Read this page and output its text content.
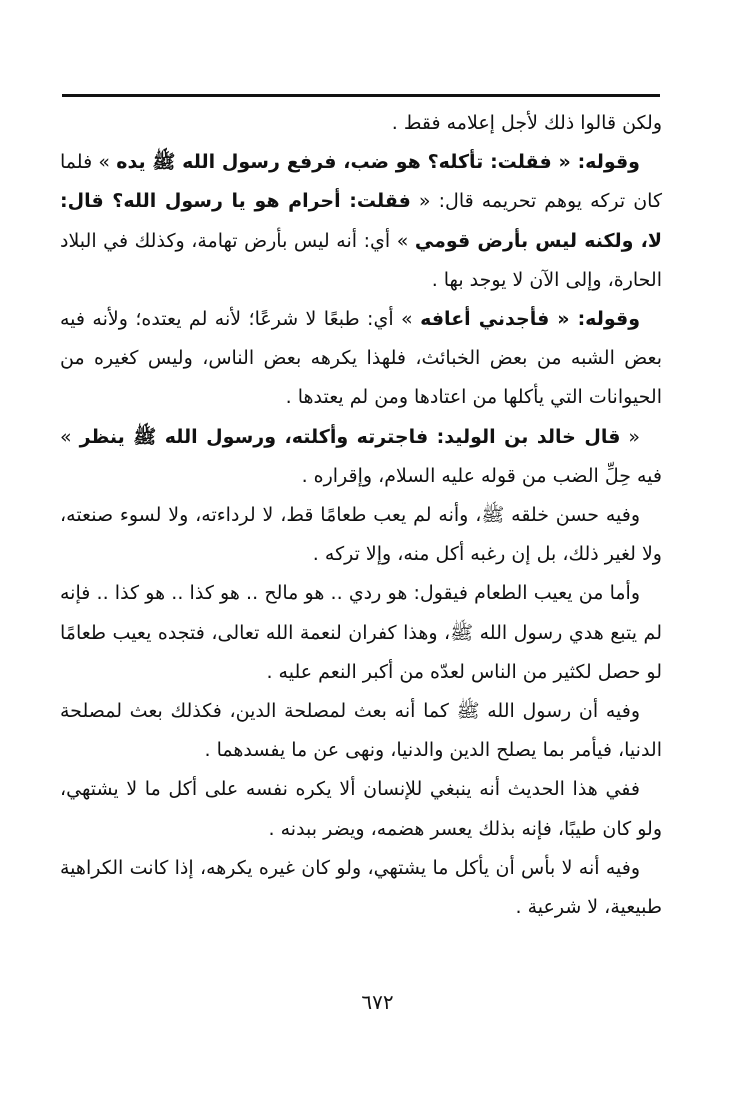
ولكن قالوا ذلك لأجل إعلامه فقط .

وقوله: « فقلت: تأكله؟ هو ضب، فرفع رسول الله ﷺ يده » فلما كان تركه يوهم تحريمه قال: « فقلت: أحرام هو يا رسول الله؟ قال: لا، ولكنه ليس بأرض قومي » أي: أنه ليس بأرض تهامة، وكذلك في البلاد الحارة، وإلى الآن لا يوجد بها .

وقوله: « فأجدني أعافه » أي: طبعًا لا شرعًا؛ لأنه لم يعتده؛ ولأنه فيه بعض الشبه من بعض الخبائث، فلهذا يكرهه بعض الناس، وليس كغيره من الحيوانات التي يأكلها من اعتادها ومن لم يعتدها .

« قال خالد بن الوليد: فاجترته وأكلته، ورسول الله ﷺ ينظر » فيه حِلِّ الضب من قوله عليه السلام، وإقراره .

وفيه حسن خلقه ﷺ، وأنه لم يعب طعامًا قط، لا لرداءته، ولا لسوء صنعته، ولا لغير ذلك، بل إن رغبه أكل منه، وإلا تركه .

وأما من يعيب الطعام فيقول: هو ردي .. هو مالح .. هو كذا .. هو كذا .. فإنه لم يتبع هدي رسول الله ﷺ، وهذا كفران لنعمة الله تعالى، فتجده يعيب طعامًا لو حصل لكثير من الناس لعدّه من أكبر النعم عليه .

وفيه أن رسول الله ﷺ كما أنه بعث لمصلحة الدين، فكذلك بعث لمصلحة الدنيا، فيأمر بما يصلح الدين والدنيا، ونهى عن ما يفسدهما .

ففي هذا الحديث أنه ينبغي للإنسان ألا يكره نفسه على أكل ما لا يشتهي، ولو كان طيبًا، فإنه بذلك يعسر هضمه، ويضر ببدنه .

وفيه أنه لا بأس أن يأكل ما يشتهي، ولو كان غيره يكرهه، إذا كانت الكراهية طبيعية، لا شرعية .

٦٧٢
